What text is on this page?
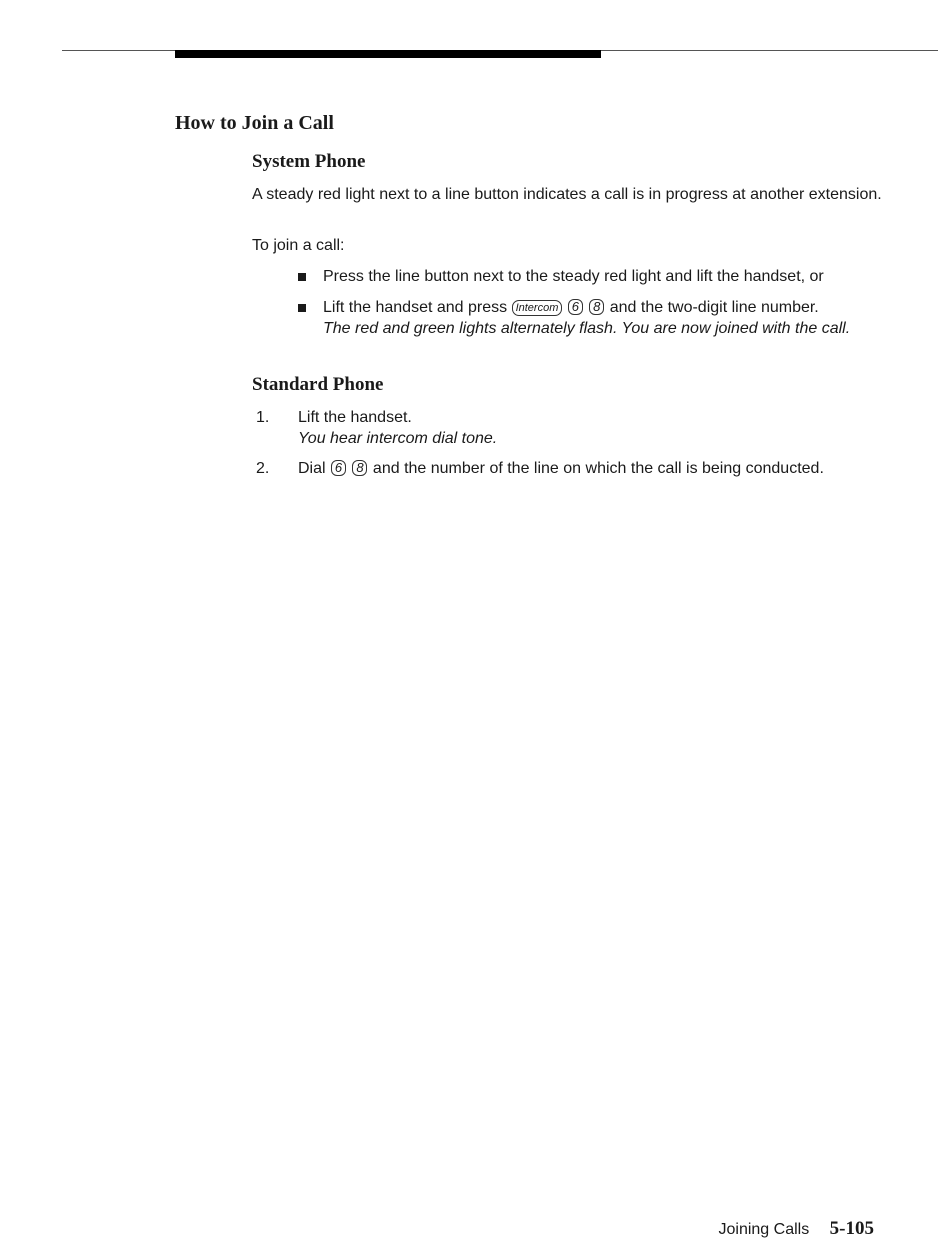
How to Join a Call
System Phone

A steady red light next to a line button indicates a call is in progress at another extension.

To join a call:

Press the line button next to the steady red light and lift the handset, or
Lift the handset and press Intercom 6 8 and the two-digit line number.
The red and green lights alternately flash. You are now joined with the call.
Standard Phone
1. Lift the handset.
You hear intercom dial tone.
2. Dial 6 8 and the number of the line on which the call is being conducted.
Joining Calls 5-105
